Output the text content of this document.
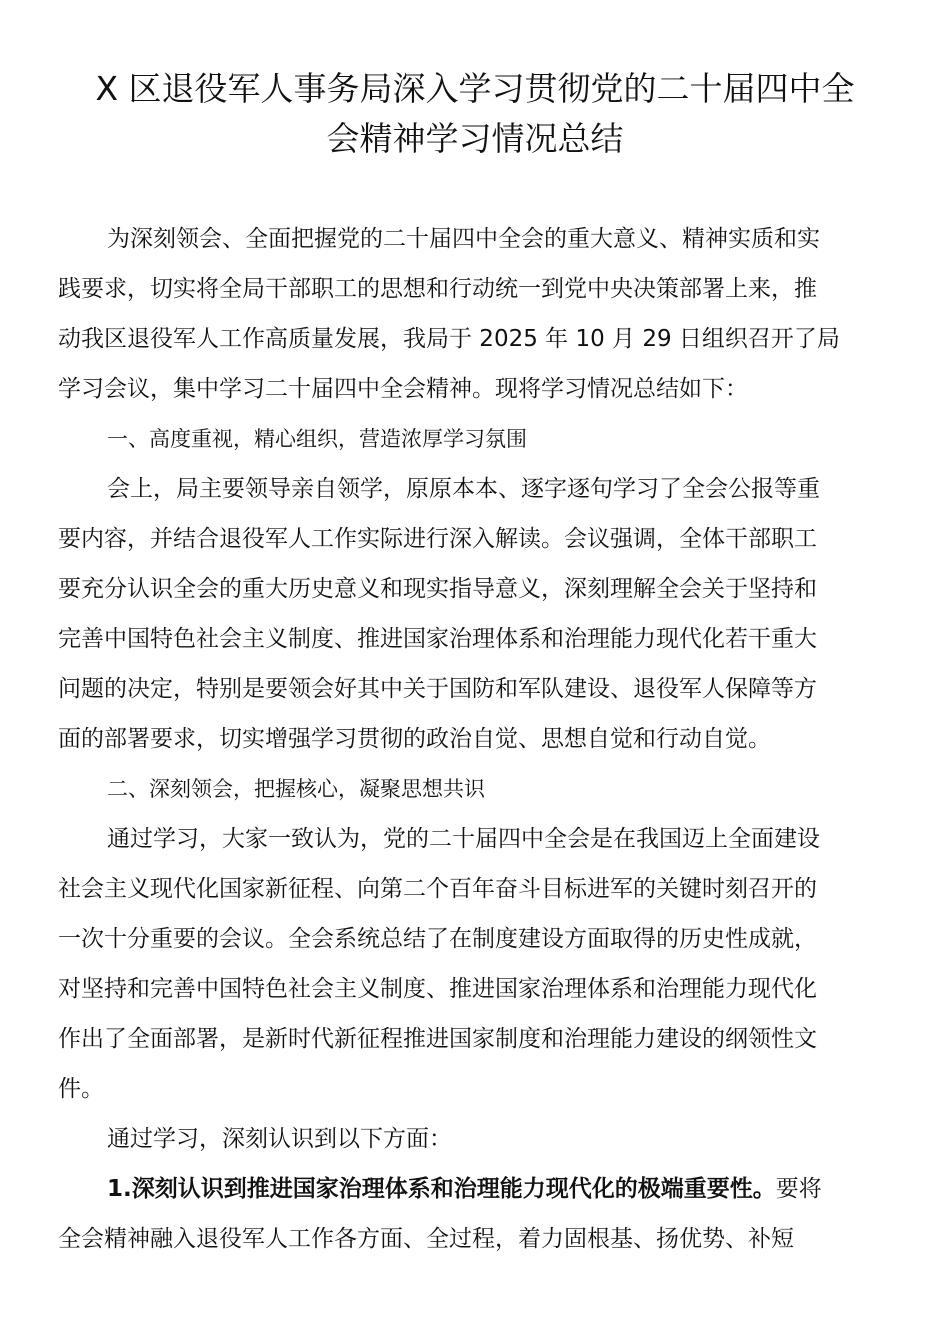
X 区退役军人事务局深入学习贯彻党的二十届四中全
会精神学习情况总结
为深刻领会、全面把握党的二十届四中全会的重大意义、精神实质和实
践要求，切实将全局干部职工的思想和行动统一到党中央决策部署上来，推
动我区退役军人工作高质量发展，我局于 2025 年 10 月 29 日组织召开了局
学习会议，集中学习二十届四中全会精神。现将学习情况总结如下：
一、高度重视，精心组织，营造浓厚学习氛围
会上，局主要领导亲自领学，原原本本、逐字逐句学习了全会公报等重
要内容，并结合退役军人工作实际进行深入解读。会议强调，全体干部职工
要充分认识全会的重大历史意义和现实指导意义，深刻理解全会关于坚持和
完善中国特色社会主义制度、推进国家治理体系和治理能力现代化若干重大
问题的决定，特别是要领会好其中关于国防和军队建设、退役军人保障等方
面的部署要求，切实增强学习贯彻的政治自觉、思想自觉和行动自觉。
二、深刻领会，把握核心，凝聚思想共识
通过学习，大家一致认为，党的二十届四中全会是在我国迈上全面建设
社会主义现代化国家新征程、向第二个百年奋斗目标进军的关键时刻召开的
一次十分重要的会议。全会系统总结了在制度建设方面取得的历史性成就，
对坚持和完善中国特色社会主义制度、推进国家治理体系和治理能力现代化
作出了全面部署，是新时代新征程推进国家制度和治理能力建设的纲领性文
件。
通过学习，深刻认识到以下方面：
1.深刻认识到推进国家治理体系和治理能力现代化的极端重要性。要将
全会精神融入退役军人工作各方面、全过程，着力固根基、扬优势、补短
